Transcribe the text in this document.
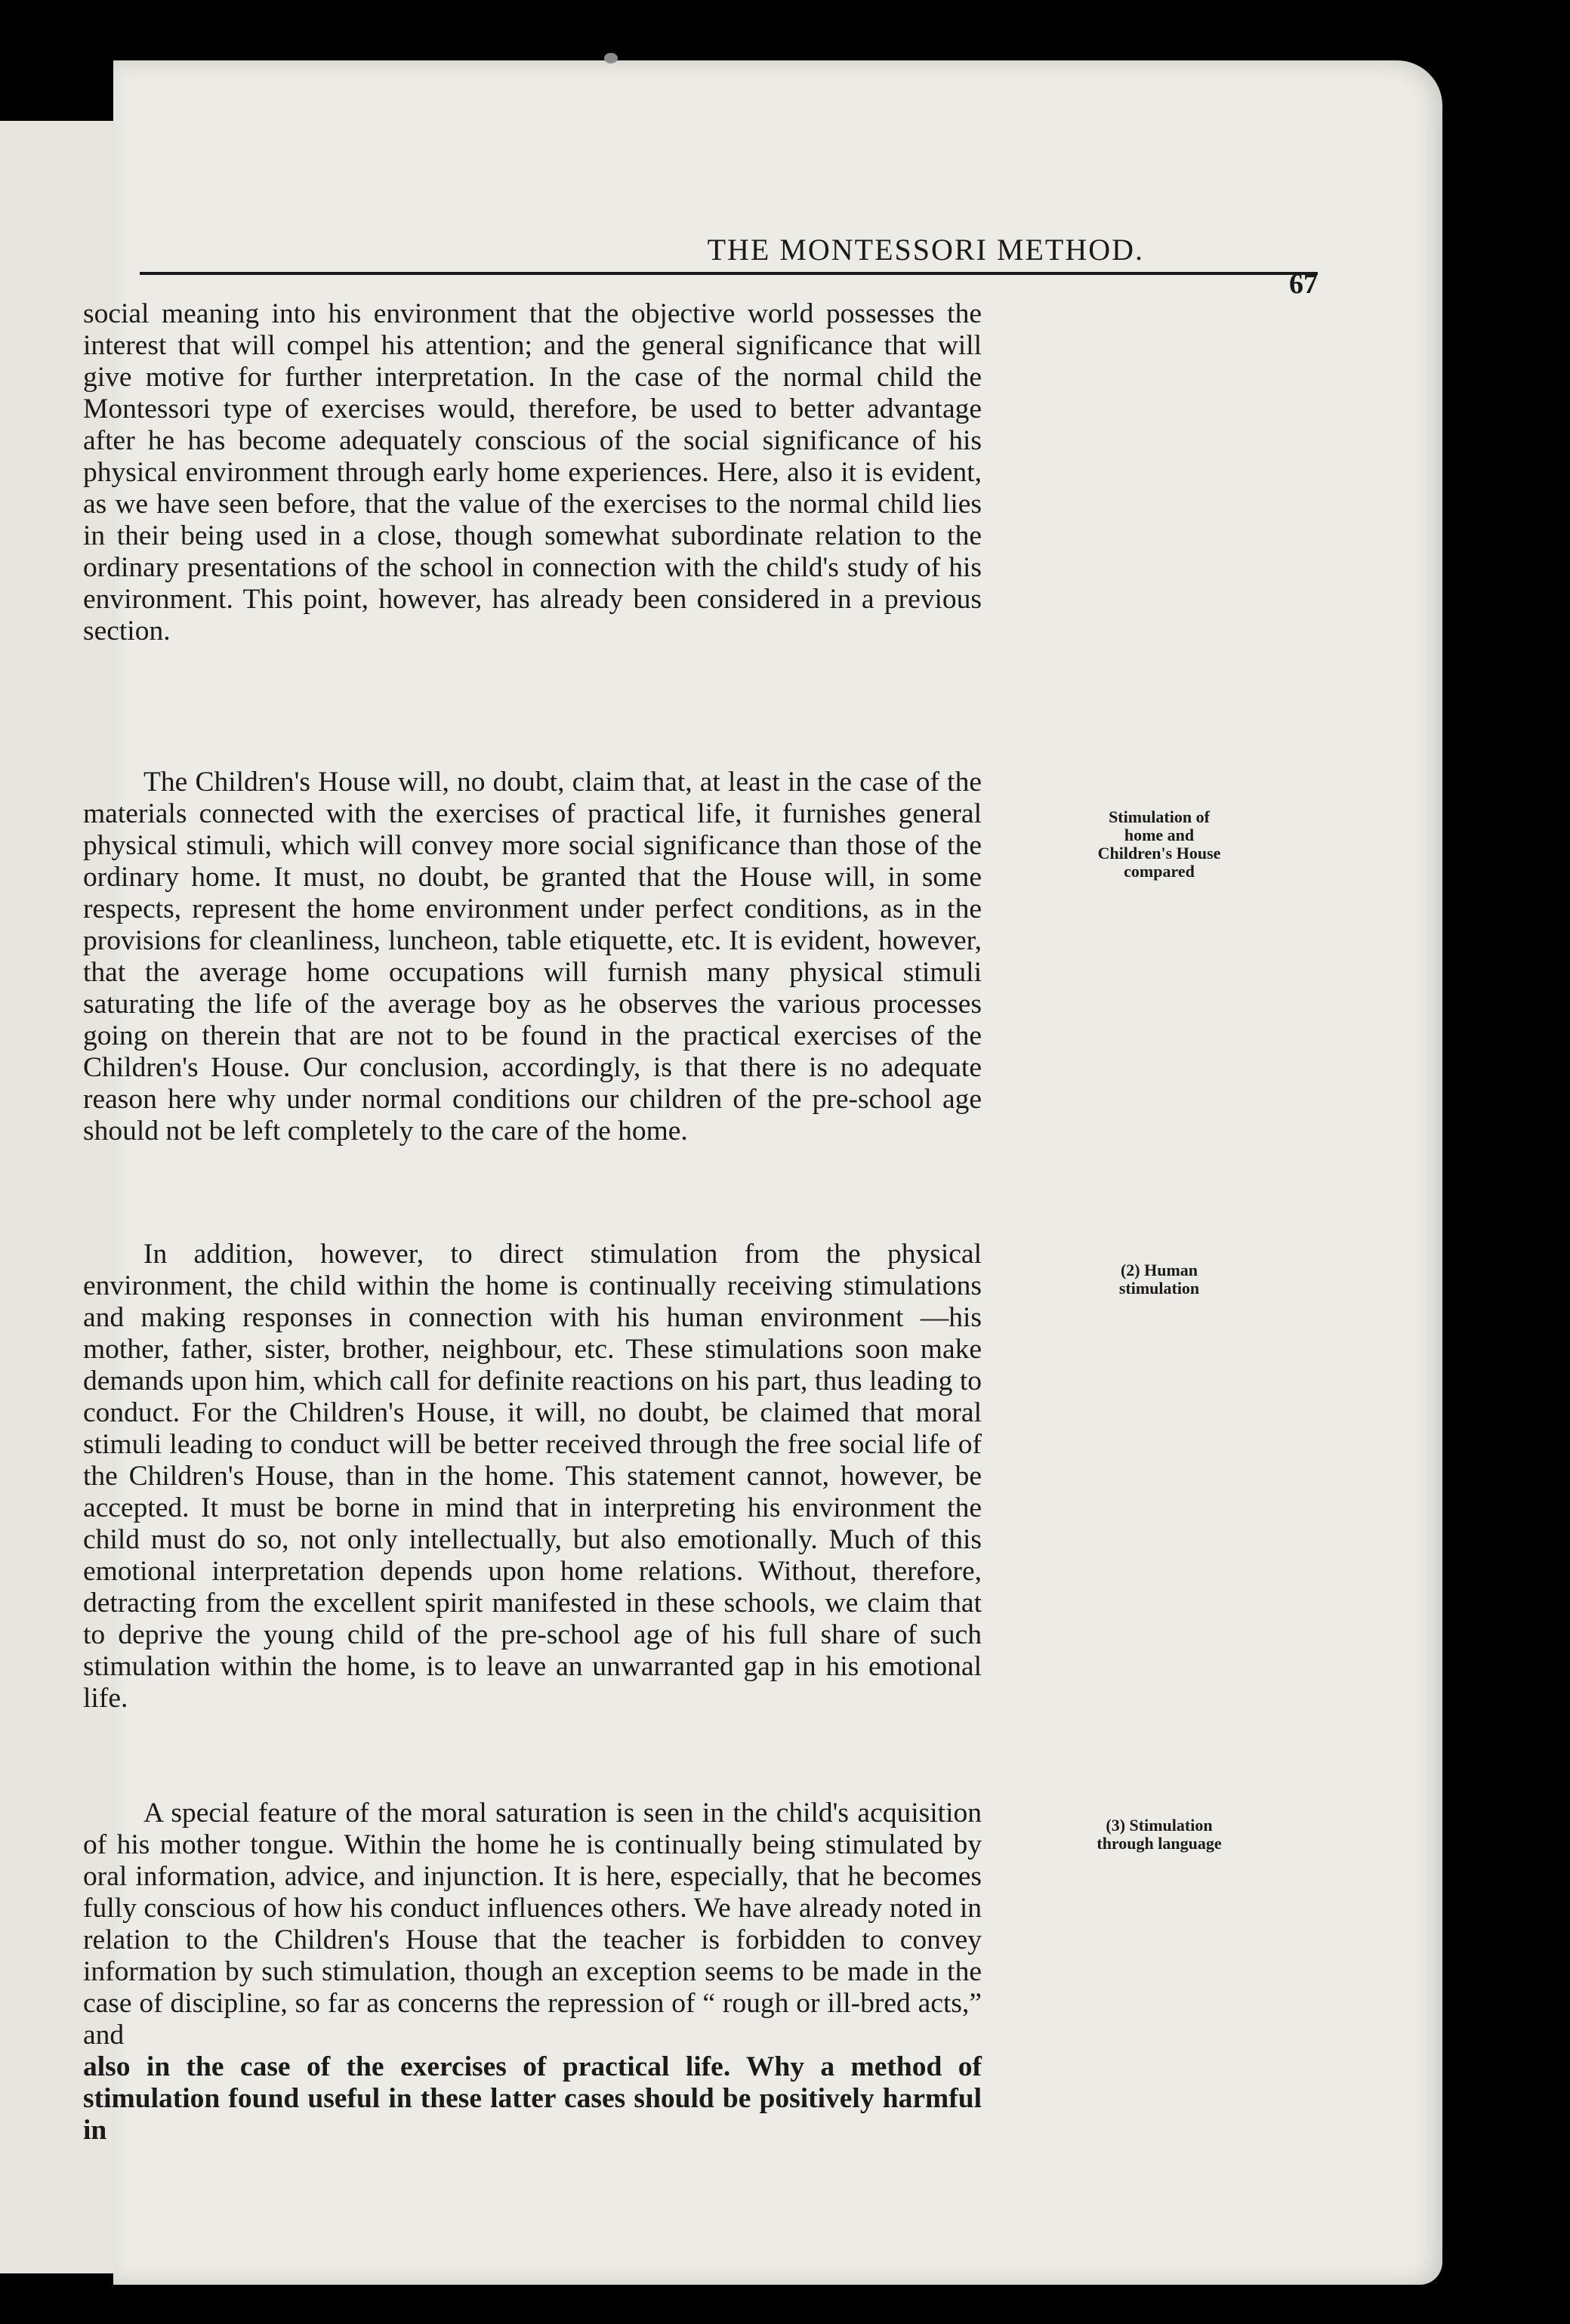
THE MONTESSORI METHOD.
67

social meaning into his environment that the objective world possesses the interest that will compel his attention; and the general significance that will give motive for further interpretation. In the case of the normal child the Montessori type of exercises would, therefore, be used to better advantage after he has become adequately conscious of the social significance of his physical environment through early home experiences. Here, also it is evident, as we have seen before, that the value of the exercises to the normal child lies in their being used in a close, though somewhat subordinate relation to the ordinary presentations of the school in connection with the child's study of his environment. This point, however, has already been considered in a previous section.

The Children's House will, no doubt, claim that, at least in the case of the materials connected with the exercises of practical life, it furnishes general physical stimuli, which will convey more social significance than those of the ordinary home. It must, no doubt, be granted that the House will, in some respects, represent the home environment under perfect conditions, as in the provisions for cleanliness, luncheon, table etiquette, etc. It is evident, however, that the average home occupations will furnish many physical stimuli saturating the life of the average boy as he observes the various processes going on therein that are not to be found in the practical exercises of the Children's House. Our conclusion, accordingly, is that there is no adequate reason here why under normal conditions our children of the pre-school age should not be left completely to the care of the home.

In addition, however, to direct stimulation from the physical environment, the child within the home is continually receiving stimulations and making responses in connection with his human environment —his mother, father, sister, brother, neighbour, etc. These stimulations soon make demands upon him, which call for definite reactions on his part, thus leading to conduct. For the Children's House, it will, no doubt, be claimed that moral stimuli leading to conduct will be better received through the free social life of the Children's House, than in the home. This statement cannot, however, be accepted. It must be borne in mind that in interpreting his environment the child must do so, not only intellectually, but also emotionally. Much of this emotional interpretation depends upon home relations. Without, therefore, detracting from the excellent spirit manifested in these schools, we claim that to deprive the young child of the pre-school age of his full share of such stimulation within the home, is to leave an unwarranted gap in his emotional life.

A special feature of the moral saturation is seen in the child's acquisition of his mother tongue. Within the home he is continually being stimulated by oral information, advice, and injunction. It is here, especially, that he becomes fully conscious of how his conduct influences others. We have already noted in relation to the Children's House that the teacher is forbidden to convey information by such stimulation, though an exception seems to be made in the case of discipline, so far as concerns the repression of “ rough or ill-bred acts,” and

also in the case of the exercises of practical life. Why a method of stimulation found useful in these latter cases should be positively harmful in

Stimulation of home and Children's House compared
(2) Human stimulation
(3) Stimulation through language
